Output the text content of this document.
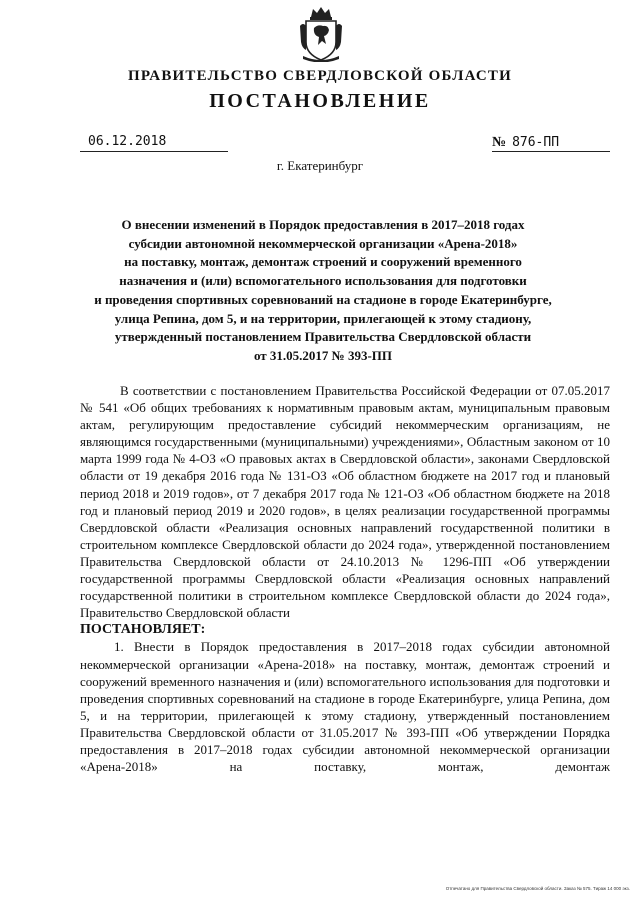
ПРАВИТЕЛЬСТВО СВЕРДЛОВСКОЙ ОБЛАСТИ
ПОСТАНОВЛЕНИЕ
06.12.2018	№ 876-ПП
г. Екатеринбург
О внесении изменений в Порядок предоставления в 2017–2018 годах
субсидии автономной некоммерческой организации «Арена-2018»
на поставку, монтаж, демонтаж строений и сооружений временного
назначения и (или) вспомогательного использования для подготовки
и проведения спортивных соревнований на стадионе в городе Екатеринбурге,
улица Репина, дом 5, и на территории, прилегающей к этому стадиону,
утвержденный постановлением Правительства Свердловской области
от 31.05.2017 № 393-ПП

В соответствии с постановлением Правительства Российской Федерации от 07.05.2017 № 541 «Об общих требованиях к нормативным правовым актам, муниципальным правовым актам, регулирующим предоставление субсидий некоммерческим организациям, не являющимся государственными (муниципальными) учреждениями», Областным законом от 10 марта 1999 года № 4-ОЗ «О правовых актах в Свердловской области», законами Свердловской области от 19 декабря 2016 года № 131-ОЗ «Об областном бюджете на 2017 год и плановый период 2018 и 2019 годов», от 7 декабря 2017 года № 121-ОЗ «Об областном бюджете на 2018 год и плановый период 2019 и 2020 годов», в целях реализации государственной программы Свердловской области «Реализация основных направлений государственной политики в строительном комплексе Свердловской области до 2024 года», утвержденной постановлением Правительства Свердловской области от 24.10.2013 № 1296-ПП «Об утверждении государственной программы Свердловской области «Реализация основных направлений государственной политики в строительном комплексе Свердловской области до 2024 года», Правительство Свердловской области

ПОСТАНОВЛЯЕТ:

1. Внести в Порядок предоставления в 2017–2018 годах субсидии автономной некоммерческой организации «Арена-2018» на поставку, монтаж, демонтаж строений и сооружений временного назначения и (или) вспомогательного использования для подготовки и проведения спортивных соревнований на стадионе в городе Екатеринбурге, улица Репина, дом 5, и на территории, прилегающей к этому стадиону, утвержденный постановлением Правительства Свердловской области от 31.05.2017 № 393-ПП «Об утверждении Порядка предоставления в 2017–2018 годах субсидии автономной некоммерческой организации «Арена-2018» на поставку, монтаж, демонтаж

Отпечатано для Правительства Свердловской области. Заказ № 575. Тираж 14 000 экз.
